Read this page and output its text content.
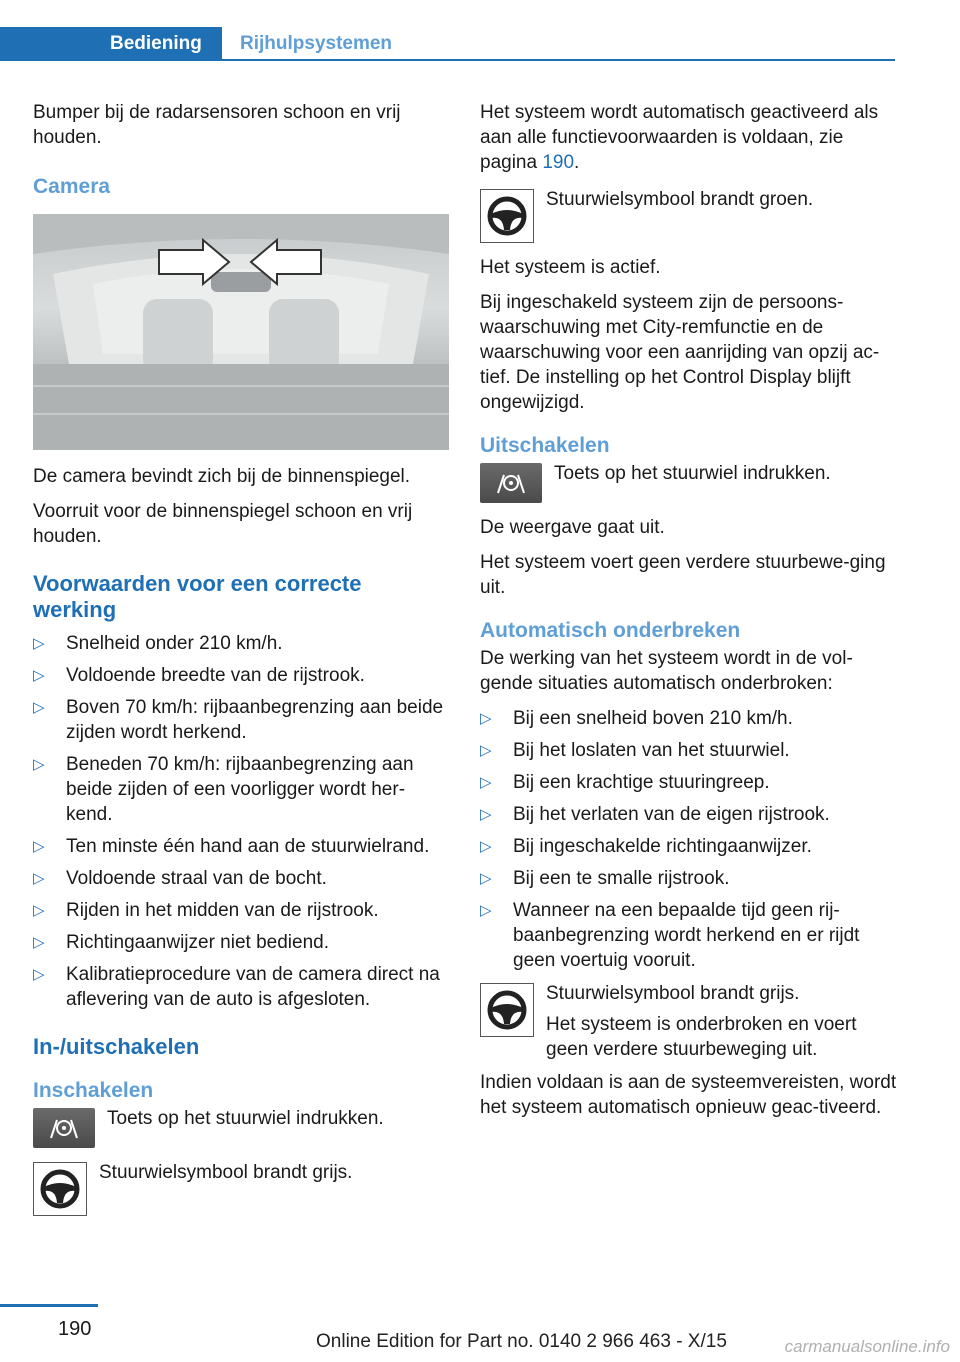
Bediening	Rijhulpsystemen

Bumper bij de radarsensoren schoon en vrij houden.

Camera

De camera bevindt zich bij de binnenspiegel.

Voorruit voor de binnenspiegel schoon en vrij houden.

Voorwaarden voor een correcte werking
▷ Snelheid onder 210 km/h.
▷ Voldoende breedte van de rijstrook.
▷ Boven 70 km/h: rijbaanbegrenzing aan beide zijden wordt herkend.
▷ Beneden 70 km/h: rijbaanbegrenzing aan beide zijden of een voorligger wordt her‐kend.
▷ Ten minste één hand aan de stuurwielrand.
▷ Voldoende straal van de bocht.
▷ Rijden in het midden van de rijstrook.
▷ Richtingaanwijzer niet bediend.
▷ Kalibratieprocedure van de camera direct na aflevering van de auto is afgesloten.
In-/uitschakelen
Inschakelen

Toets op het stuurwiel indrukken.

Stuurwielsymbool brandt grijs.

Het systeem wordt automatisch geactiveerd als aan alle functievoorwaarden is voldaan, zie pagina 190.

Stuurwielsymbool brandt groen.

Het systeem is actief.

Bij ingeschakeld systeem zijn de persoons‐waarschuwing met City-remfunctie en de waarschuwing voor een aanrijding van opzij ac‐tief. De instelling op het Control Display blijft ongewijzigd.

Uitschakelen

Toets op het stuurwiel indrukken.

De weergave gaat uit.

Het systeem voert geen verdere stuurbewe‐ging uit.

Automatisch onderbreken

De werking van het systeem wordt in de vol‐gende situaties automatisch onderbroken:

▷ Bij een snelheid boven 210 km/h.
▷ Bij het loslaten van het stuurwiel.
▷ Bij een krachtige stuuringreep.
▷ Bij het verlaten van de eigen rijstrook.
▷ Bij ingeschakelde richtingaanwijzer.
▷ Bij een te smalle rijstrook.
▷ Wanneer na een bepaalde tijd geen rij‐baanbegrenzing wordt herkend en er rijdt geen voertuig vooruit.

Stuurwielsymbool brandt grijs.

Het systeem is onderbroken en voert geen verdere stuurbeweging uit.

Indien voldaan is aan de systeemvereisten, wordt het systeem automatisch opnieuw geac‐tiveerd.

190
Online Edition for Part no. 0140 2 966 463 - X/15	carmanualsonline.info
